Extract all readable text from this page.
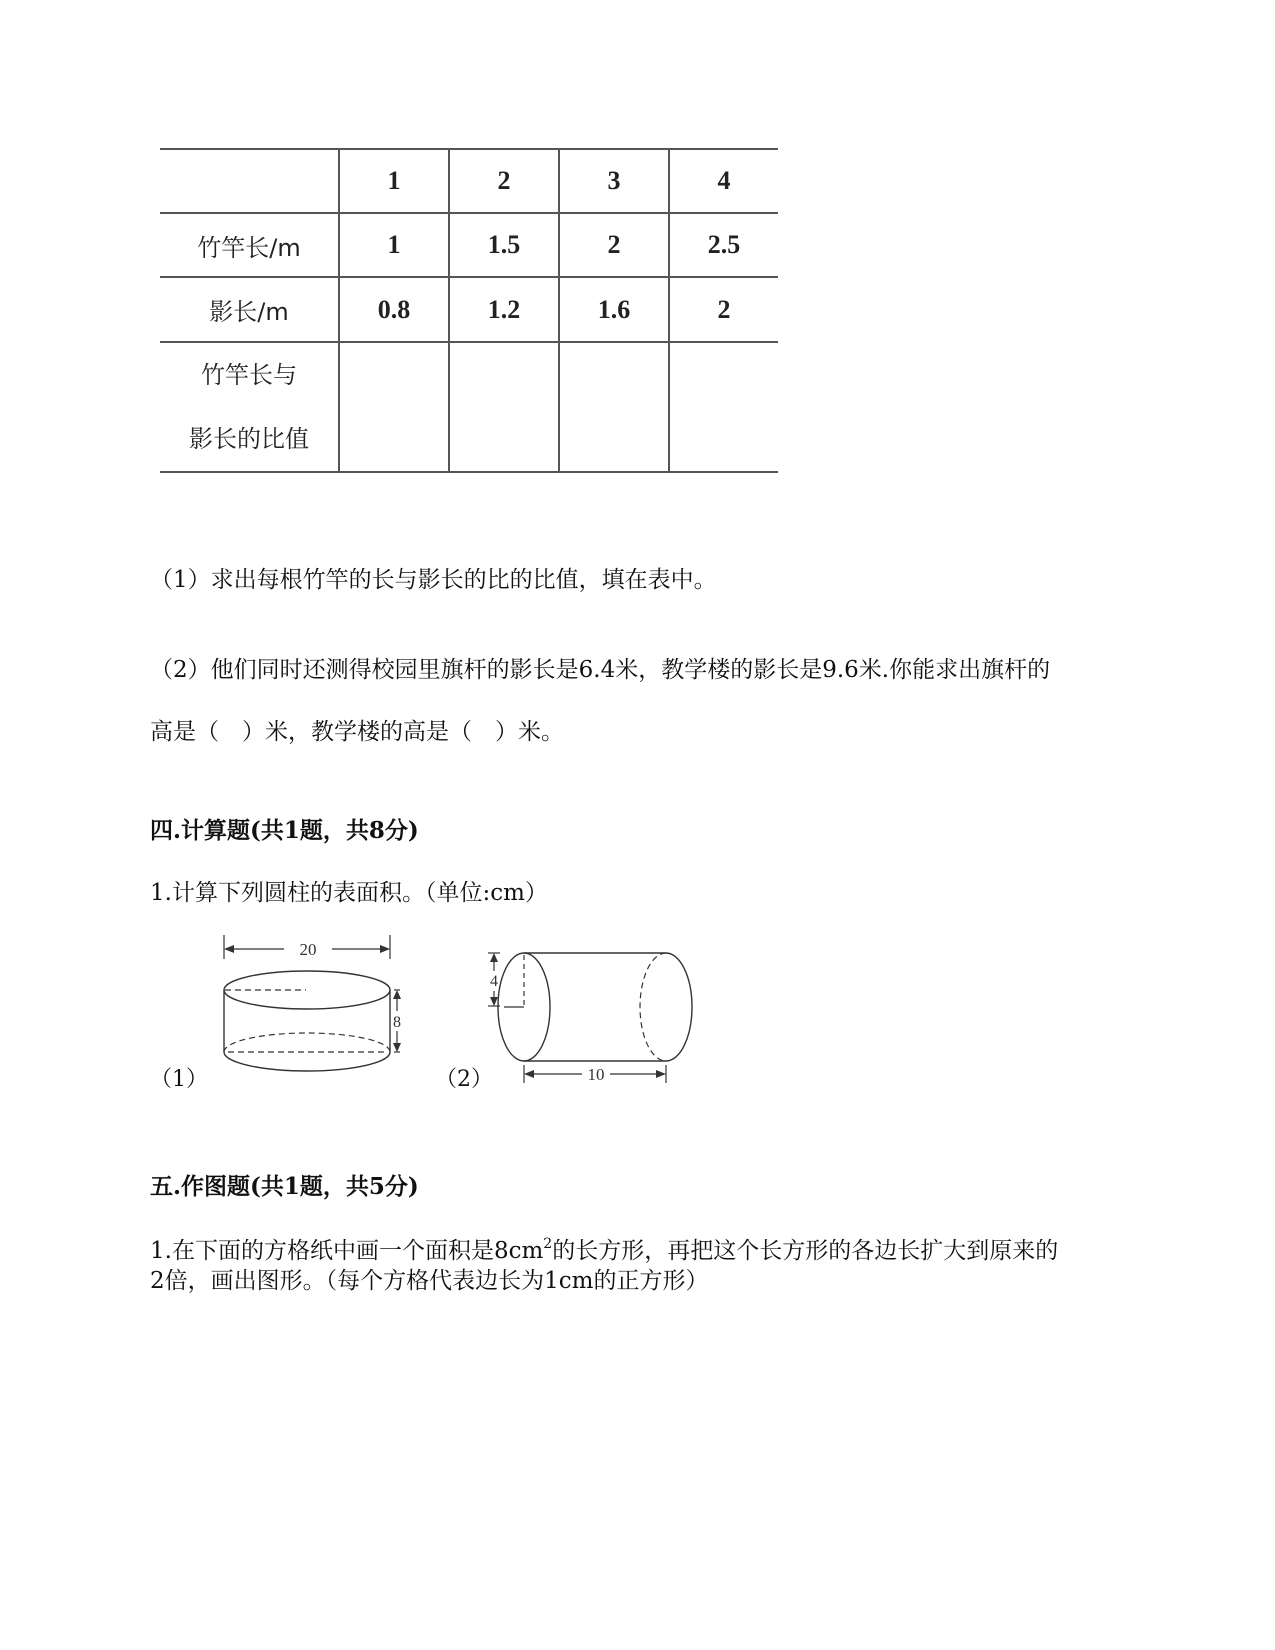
	1	2	3	4
竹竿长/m	1	1.5	2	2.5
影长/m	0.8	1.2	1.6	2

竹竿长与
影长的比值				

（1）求出每根竹竿的长与影长的比的比值，填在表中。
（2）他们同时还测得校园里旗杆的影长是6.4米，教学楼的影长是9.6米.你能求出旗杆的
高是（　）米，教学楼的高是（　）米。
四.计算题(共1题，共8分)
1.计算下列圆柱的表面积。（单位:cm）
20
8
（1）
4
10
（2）
五.作图题(共1题，共5分)
1.在下面的方格纸中画一个面积是$8cm^2$的长方形，再把这个长方形的各边长扩大到原来的
2倍，画出图形。（每个方格代表边长为1cm的正方形）
